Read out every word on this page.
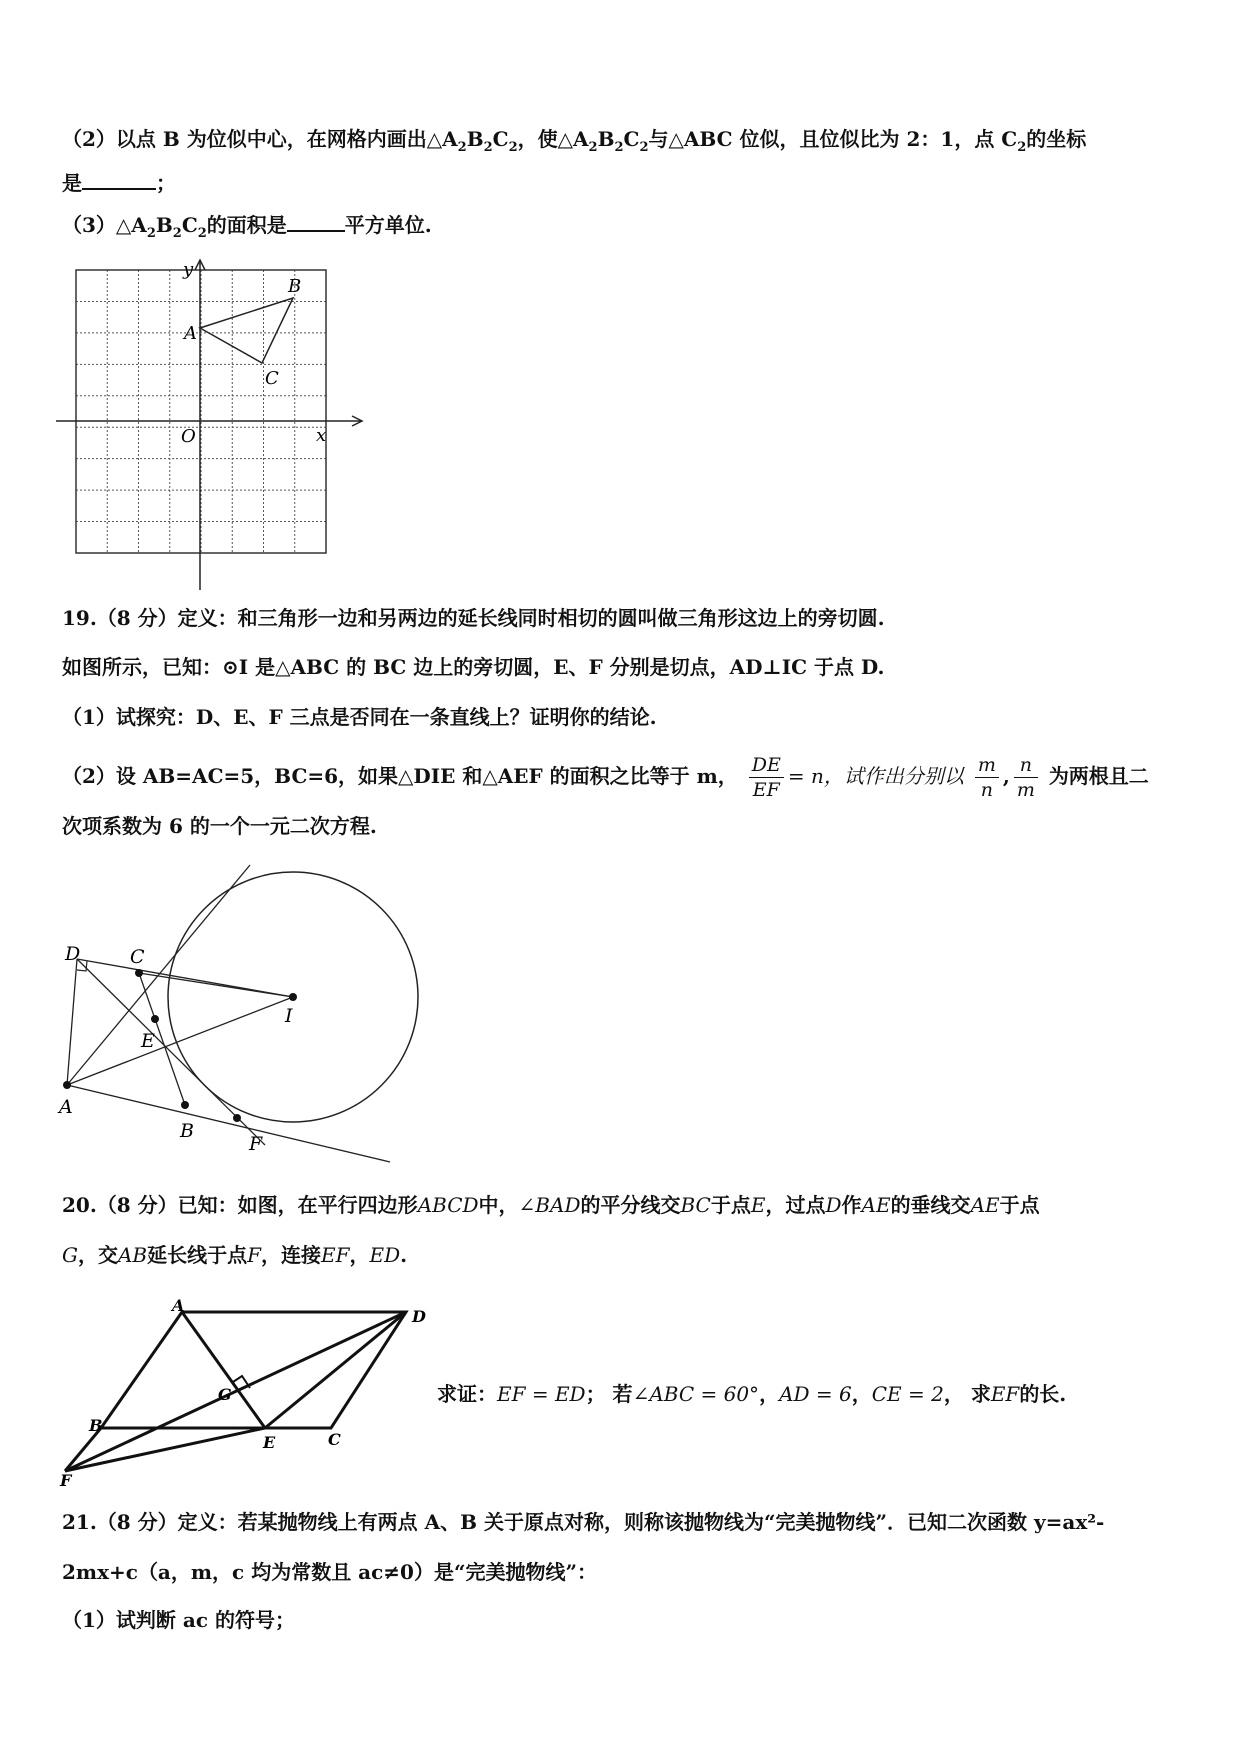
（2）以点 B 为位似中心，在网格内画出$\triangle A_2B_2C_2$，使$\triangle A_2B_2C_2$与△ABC 位似，且位似比为 2：1，点 $C_2$的坐标
是	；
$(3)\triangle A_2B_2C_2$的面积是	平方单位.
y
x
O
A
B
C
19.（8 分）定义：和三角形一边和另两边的延长线同时相切的圆叫做三角形这边上的旁切圆.
如图所示，已知：⊙I 是△ABC 的 BC 边上的旁切圆，E、F 分别是切点，AD⊥IC 于点 D.
（1）试探究：D、E、F 三点是否同在一条直线上？证明你的结论.
（2）设 AB=AC=5，BC=6，如果△DIE 和△AEF 的面积之比等于 m， $\frac{DE}{EF} = n$，试作出分别以 $\frac{m}{n}$ , $\frac{n}{m}$ 为两根且二
次项系数为 6 的一个一元二次方程.
D	C
I
E
A
B
F
20.（8 分）已知：如图，在平行四边形ABCD中，∠BAD的平分线交BC于点E，过点D作AE的垂线交AE于点
G，交AB延长线于点F，连接EF，ED.
A
D
G
B
E	C
F
求证：EF = ED； 若∠ABC = 60°，AD = 6，CE = 2， 求EF的长.
21.（8 分）定义：若某抛物线上有两点 A、B 关于原点对称，则称该抛物线为“完美抛物线”．已知二次函数 y=ax²-
2mx+c（a，m，c 均为常数且 ac≠0）是“完美抛物线”：
（1）试判断 ac 的符号；
